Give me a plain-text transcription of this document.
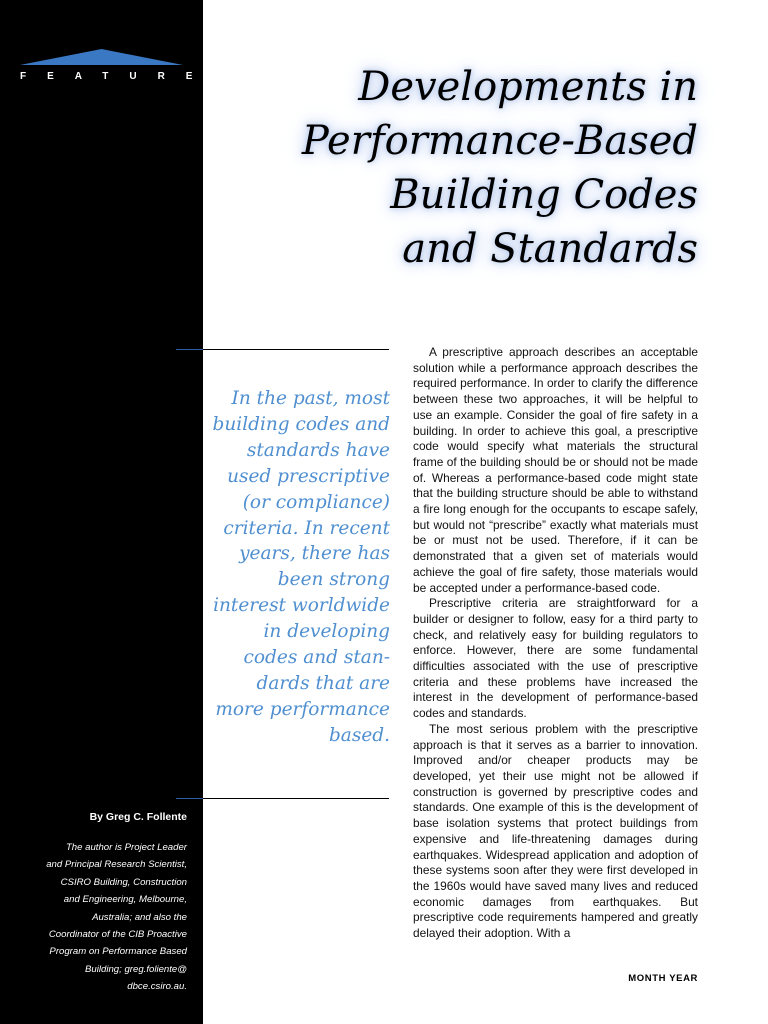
FEATURE
By Greg C. Follente
The author is Project Leader
and Principal Research Scientist,
CSIRO Building, Construction
and Engineering, Melbourne,
Australia; and also the
Coordinator of the CIB Proactive
Program on Performance Based
Building; greg.foliente@
dbce.csiro.au.
Developments in
Performance-Based
Building Codes
and Standards
In the past, most
building codes and
standards have
used prescriptive
(or compliance)
criteria. In recent
years, there has
been strong
interest worldwide
in developing
codes and stan-
dards that are
more performance
based.

A prescriptive approach describes an acceptable solution while a performance approach describes the required performance. In order to clarify the difference between these two approaches, it will be helpful to use an example. Consider the goal of fire safety in a building. In order to achieve this goal, a prescriptive code would specify what materials the structural frame of the building should be or should not be made of. Whereas a performance-based code might state that the building structure should be able to withstand a fire long enough for the occupants to escape safely, but would not “prescribe” exactly what materials must be or must not be used. Therefore, if it can be demonstrated that a given set of materials would achieve the goal of fire safety, those materials would be accepted under a performance-based code.

Prescriptive criteria are straightforward for a builder or designer to follow, easy for a third party to check, and relatively easy for building regulators to enforce. However, there are some fundamental difficulties associated with the use of prescriptive criteria and these problems have increased the interest in the development of performance-based codes and standards.

The most serious problem with the prescriptive approach is that it serves as a barrier to innovation. Improved and/or cheaper products may be developed, yet their use might not be allowed if construction is governed by prescriptive codes and standards. One example of this is the development of base isolation systems that protect buildings from expensive and life-threatening damages during earthquakes. Widespread application and adoption of these systems soon after they were first developed in the 1960s would have saved many lives and reduced economic damages from earthquakes. But prescriptive code requirements hampered and greatly delayed their adoption. With a

MONTH YEAR
